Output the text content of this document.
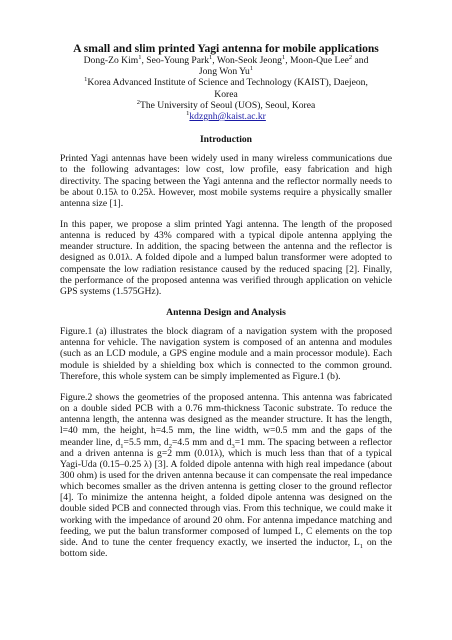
A small and slim printed Yagi antenna for mobile applications

Dong-Zo Kim$^1$, Seo-Young Park$^1$, Won-Seok Jeong$^1$, Moon-Que Lee$^2$ and
Jong Won Yu$^1$

$^1$Korea Advanced Institute of Science and Technology (KAIST), Daejeon,
Korea
$^2$The University of Seoul (UOS), Seoul, Korea
$^1$kdzgnh@kaist.ac.kr

Introduction

Printed Yagi antennas have been widely used in many wireless communications due to the following advantages: low cost, low profile, easy fabrication and high directivity. The spacing between the Yagi antenna and the reflector normally needs to be about 0.15λ to 0.25λ. However, most mobile systems require a physically smaller antenna size [1].

In this paper, we propose a slim printed Yagi antenna. The length of the proposed antenna is reduced by 43% compared with a typical dipole antenna applying the meander structure. In addition, the spacing between the antenna and the reflector is designed as 0.01λ. A folded dipole and a lumped balun transformer were adopted to compensate the low radiation resistance caused by the reduced spacing [2]. Finally, the performance of the proposed antenna was verified through application on vehicle GPS systems (1.575GHz).

Antenna Design and Analysis

Figure.1 (a) illustrates the block diagram of a navigation system with the proposed antenna for vehicle. The navigation system is composed of an antenna and modules (such as an LCD module, a GPS engine module and a main processor module). Each module is shielded by a shielding box which is connected to the common ground. Therefore, this whole system can be simply implemented as Figure.1 (b).

Figure.2 shows the geometries of the proposed antenna. This antenna was fabricated on a double sided PCB with a 0.76 mm-thickness Taconic substrate. To reduce the antenna length, the antenna was designed as the meander structure. It has the length, l=40 mm, the height, h=4.5 mm, the line width, w=0.5 mm and the gaps of the meander line, $d_1=5.5$ mm, $d_2=4.5$ mm and $d_3=1$ mm. The spacing between a reflector and a driven antenna is g=2 mm (0.01λ), which is much less than that of a typical Yagi-Uda (0.15–0.25 λ) [3]. A folded dipole antenna with high real impedance (about 300 ohm) is used for the driven antenna because it can compensate the real impedance which becomes smaller as the driven antenna is getting closer to the ground reflector [4]. To minimize the antenna height, a folded dipole antenna was designed on the double sided PCB and connected through vias. From this technique, we could make it working with the impedance of around 20 ohm. For antenna impedance matching and feeding, we put the balun transformer composed of lumped L, C elements on the top side. And to tune the center frequency exactly, we inserted the inductor, $L_1$ on the bottom side.
